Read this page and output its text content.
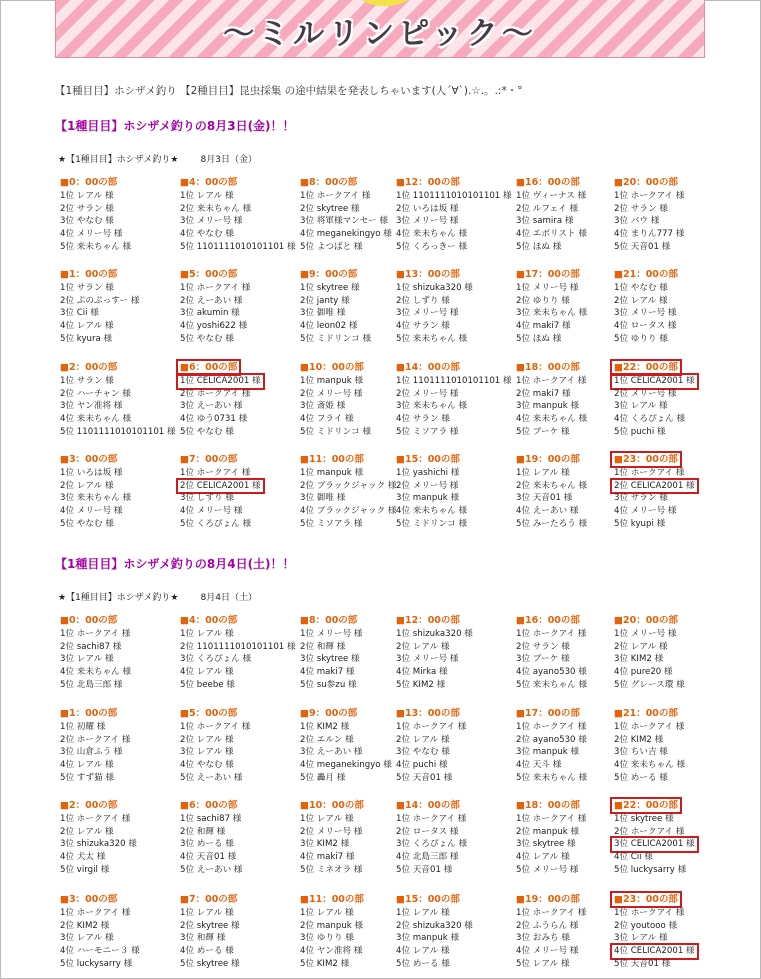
〜ミルリンピック〜
【1種目目】ホシザメ釣り 【2種目目】昆虫採集 の途中結果を発表しちゃいます(人´∀`).☆.。.:*・°
【1種目目】ホシザメ釣りの8月3日(金)！！
★【1種目目】ホシザメ釣り★ 8月3日（金）
【1種目目】ホシザメ釣りの8月4日(土)！！
★【1種目目】ホシザメ釣り★ 8月4日（土）
■0：00の部
1位 レアル 様
2位 サラン 様
3位 やなむ 様
4位 メリー号 様
5位 来未ちゃん 様
■4：00の部
1位 レアル 様
2位 来未ちゃん 様
3位 メリー号 様
4位 やなむ 様
5位 1101111010101101 様
■8：00の部
1位 ホークアイ 様
2位 skytree 様
3位 将軍様マンセー 様
4位 meganekingyo 様
5位 よつばと 様
■12：00の部
1位 1101111010101101 様
2位 いろは坂 様
3位 メリー号 様
4位 来未ちゃん 様
5位 くろっきー 様
■16：00の部
1位 ヴィーナス 様
2位 ルフェイ 様
3位 samira 様
4位 エボリスト 様
5位 ほぬ 様
■20：00の部
1位 ホークアイ 様
2位 サラン 様
3位 バウ 様
4位 まりん777 様
5位 天音01 様
■1：00の部
1位 サラン 様
2位 ぷのぷっすー 様
3位 Cii 様
4位 レアル 様
5位 kyura 様
■5：00の部
1位 ホークアイ 様
2位 えーあい 様
3位 akumin 様
4位 yoshi622 様
5位 やなむ 様
■9：00の部
1位 skytree 様
2位 janty 様
3位 御唯 様
4位 leon02 様
5位 ミドリンコ 様
■13：00の部
1位 shizuka320 様
2位 しずり 様
3位 メリー号 様
4位 サラン 様
5位 来未ちゃん 様
■17：00の部
1位 メリー号 様
2位 ゆりり 様
3位 来未ちゃん 様
4位 maki7 様
5位 ほぬ 様
■21：00の部
1位 やなむ 様
2位 レアル 様
3位 メリー号 様
4位 ロータス 様
5位 ゆりり 様
■2：00の部
1位 サラン 様
2位 ハーチャン 様
3位 ヤン准将 様
4位 来未ちゃん 様
5位 1101111010101101 様
■6：00の部
1位 CELICA2001 様
2位 ホークアイ 様
3位 えーあい 様
4位 ゆう0731 様
5位 やなむ 様
■10：00の部
1位 manpuk 様
2位 メリー号 様
3位 斎姫 様
4位 フライ 様
5位 ミドリンコ 様
■14：00の部
1位 1101111010101101 様
2位 メリー号 様
3位 来未ちゃん 様
4位 サラン 様
5位 ミソアラ 様
■18：00の部
1位 ホークアイ 様
2位 maki7 様
3位 manpuk 様
4位 来未ちゃん 様
5位 ブーケ 様
■22：00の部
1位 CELICA2001 様
2位 メリー号 様
3位 レアル 様
4位 くろぴょん 様
5位 puchi 様
■3：00の部
1位 いろは坂 様
2位 レアル 様
3位 来未ちゃん 様
4位 メリー号 様
5位 やなむ 様
■7：00の部
1位 ホークアイ 様
2位 CELICA2001 様
3位 しずり 様
4位 メリー号 様
5位 くろぴょん 様
■11：00の部
1位 manpuk 様
2位 ブラックジャック 様
3位 御唯 様
4位 ブラックジャック 様
5位 ミソアラ 様
■15：00の部
1位 yashichi 様
2位 メリー号 様
3位 manpuk 様
4位 来未ちゃん 様
5位 ミドリンコ 様
■19：00の部
1位 レアル 様
2位 来未ちゃん 様
3位 天音01 様
4位 えーあい 様
5位 みーたろう 様
■23：00の部
1位 ホークアイ 様
2位 CELICA2001 様
3位 サラン 様
4位 メリー号 様
5位 kyupi 様
■0：00の部
1位 ホークアイ 様
2位 sachi87 様
3位 レアル 様
4位 来未ちゃん 様
5位 北島三郎 様
■4：00の部
1位 レアル 様
2位 1101111010101101 様
3位 くろぴょん 様
4位 レアル 様
5位 beebe 様
■8：00の部
1位 メリー号 様
2位 和輝 様
3位 skytree 様
4位 maki7 様
5位 su参zu 様
■12：00の部
1位 shizuka320 様
2位 レアル 様
3位 メリー号 様
4位 Mirka 様
5位 KIM2 様
■16：00の部
1位 ホークアイ 様
2位 サラン 様
3位 ブーケ 様
4位 ayano530 様
5位 来未ちゃん 様
■20：00の部
1位 メリー号 様
2位 レアル 様
3位 KIM2 様
4位 pure20 様
5位 グレース環 様
■1：00の部
1位 初耀 様
2位 ホークアイ 様
3位 山倉ふう 様
4位 レアル 様
5位 すず猫 様
■5：00の部
1位 ホークアイ 様
2位 レアル 様
3位 レアル 様
4位 やなむ 様
5位 えーあい 様
■9：00の部
1位 KIM2 様
2位 エルン 様
3位 えーあい 様
4位 meganekingyo 様
5位 轟月 様
■13：00の部
1位 ホークアイ 様
2位 レアル 様
3位 やなむ 様
4位 puchi 様
5位 天音01 様
■17：00の部
1位 ホークアイ 様
2位 ayano530 様
3位 manpuk 様
4位 天斗 様
5位 来未ちゃん 様
■21：00の部
1位 ホークアイ 様
2位 KIM2 様
3位 ちい吉 様
4位 来未ちゃん 様
5位 めーる 様
■2：00の部
1位 ホークアイ 様
2位 レアル 様
3位 shizuka320 様
4位 犬太 様
5位 virgil 様
■6：00の部
1位 sachi87 様
2位 和輝 様
3位 めーる 様
4位 天音01 様
5位 えーあい 様
■10：00の部
1位 レアル 様
2位 メリー号 様
3位 KIM2 様
4位 maki7 様
5位 ミネオラ 様
■14：00の部
1位 ホークアイ 様
2位 ロータス 様
3位 くろぴょん 様
4位 北島三郎 様
5位 天音01 様
■18：00の部
1位 ホークアイ 様
2位 manpuk 様
3位 skytree 様
4位 レアル 様
5位 メリー号 様
■22：00の部
1位 skytree 様
2位 ホークアイ 様
3位 CELICA2001 様
4位 Cii 様
5位 luckysarry 様
■3：00の部
1位 ホークアイ 様
2位 KIM2 様
3位 レアル 様
4位 ハーモニー３ 様
5位 luckysarry 様
■7：00の部
1位 レアル 様
2位 skytree 様
3位 和輝 様
4位 めーる 様
5位 skytree 様
■11：00の部
1位 レアル 様
2位 manpuk 様
3位 ゆりり 様
4位 ヤン准将 様
5位 KIM2 様
■15：00の部
1位 レアル 様
2位 shizuka320 様
3位 manpuk 様
4位 レアル 様
5位 めーる 様
■19：00の部
1位 ホークアイ 様
2位 ふうらん 様
3位 おみち 様
4位 メリー号 様
5位 レアル 様
■23：00の部
1位 ホークアイ 様
2位 youtooo 様
3位 レアル 様
4位 CELICA2001 様
5位 天音01 様
